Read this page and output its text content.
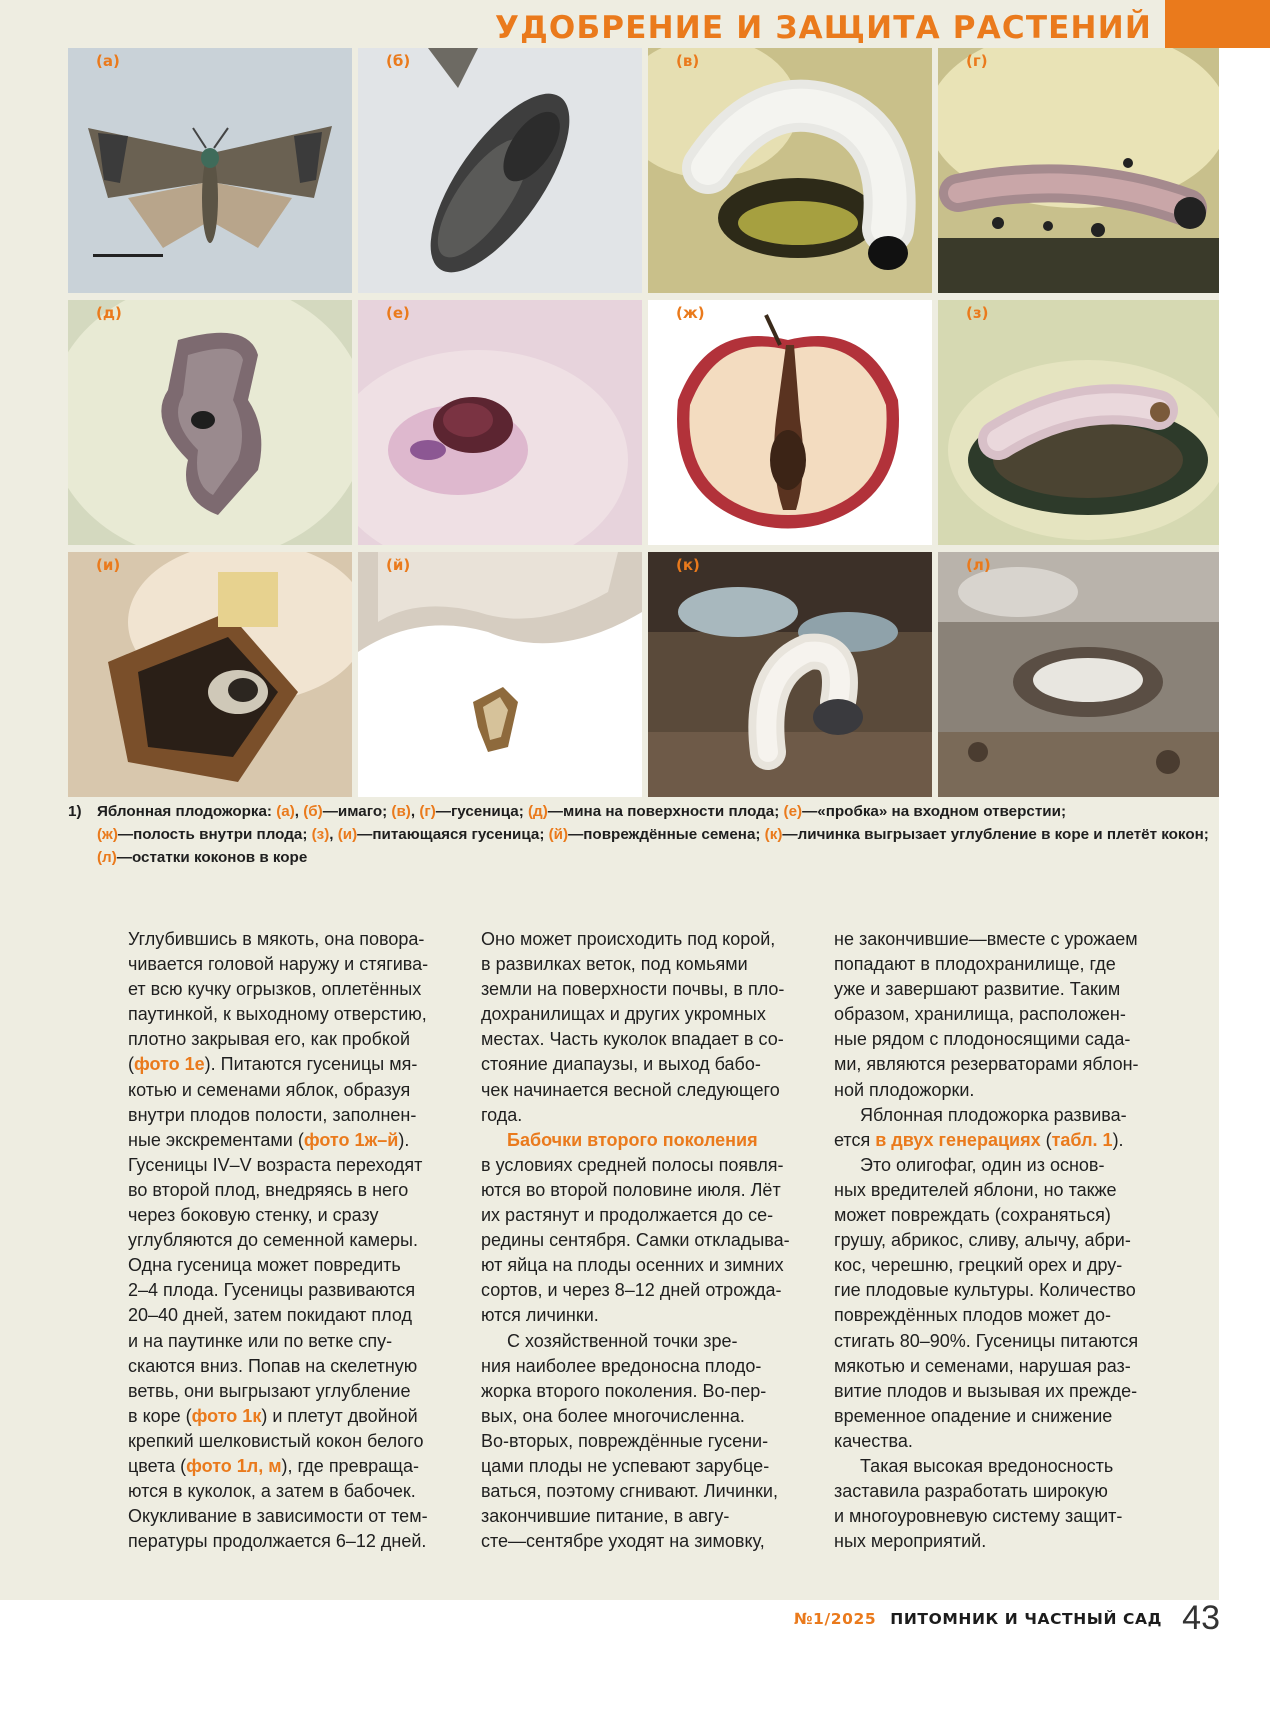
УДОБРЕНИЕ И ЗАЩИТА РАСТЕНИЙ
(а)	(б)	(в)	(г)
(д)	(е)	(ж)	(з)
(и)	(й)	(к)	(л)
1)	Яблонная плодожорка: (а), (б)—имаго; (в), (г)—гусеница; (д)—мина на поверхности плода; (е)—«пробка» на входном отверстии;
(ж)—полость внутри плода; (з), (и)—питающаяся гусеница; (й)—повреждённые семена; (к)—личинка выгрызает углубление в коре и плетёт кокон;
(л)—остатки коконов в коре

Углубившись в мякоть, она повора-

чивается головой наружу и стягива-

ет всю кучку огрызков, оплетённых

паутинкой, к выходному отверстию,

плотно закрывая его, как пробкой

(фото 1е). Питаются гусеницы мя-

котью и семенами яблок, образуя

внутри плодов полости, заполнен-

ные экскрементами (фото 1ж–й).

Гусеницы IV–V возраста переходят

во второй плод, внедряясь в него

через боковую стенку, и сразу

углубляются до семенной камеры.

Одна гусеница может повредить

2–4 плода. Гусеницы развиваются

20–40 дней, затем покидают плод

и на паутинке или по ветке спу-

скаются вниз. Попав на скелетную

ветвь, они выгрызают углубление

в коре (фото 1к) и плетут двойной

крепкий шелковистый кокон белого

цвета (фото 1л, м), где превраща-

ются в куколок, а затем в бабочек.

Окукливание в зависимости от тем-

пературы продолжается 6–12 дней.

Оно может происходить под корой,

в развилках веток, под комьями

земли на поверхности почвы, в пло-

дохранилищах и других укромных

местах. Часть куколок впадает в со-

стояние диапаузы, и выход бабо-

чек начинается весной следующего

года.

Бабочки второго поколения

в условиях средней полосы появля-

ются во второй половине июля. Лёт

их растянут и продолжается до се-

редины сентября. Самки откладыва-

ют яйца на плоды осенних и зимних

сортов, и через 8–12 дней отрожда-

ются личинки.

С хозяйственной точки зре-

ния наиболее вредоносна плодо-

жорка второго поколения. Во-пер-

вых, она более многочисленна.

Во-вторых, повреждённые гусени-

цами плоды не успевают зарубце-

ваться, поэтому сгнивают. Личинки,

закончившие питание, в авгу-

сте—сентябре уходят на зимовку,

не закончившие—вместе с урожаем

попадают в плодохранилище, где

уже и завершают развитие. Таким

образом, хранилища, расположен-

ные рядом с плодоносящими сада-

ми, являются резерваторами яблон-

ной плодожорки.

Яблонная плодожорка развива-

ется в двух генерациях (табл. 1).

Это олигофаг, один из основ-

ных вредителей яблони, но также

может повреждать (сохраняться)

грушу, абрикос, сливу, алычу, абри-

кос, черешню, грецкий орех и дру-

гие плодовые культуры. Количество

повреждённых плодов может до-

стигать 80–90%. Гусеницы питаются

мякотью и семенами, нарушая раз-

витие плодов и вызывая их прежде-

временное опадение и снижение

качества.

Такая высокая вредоносность

заставила разработать широкую

и многоуровневую систему защит-

ных мероприятий.

№1/2025 ПИТОМНИК И ЧАСТНЫЙ САД 43
